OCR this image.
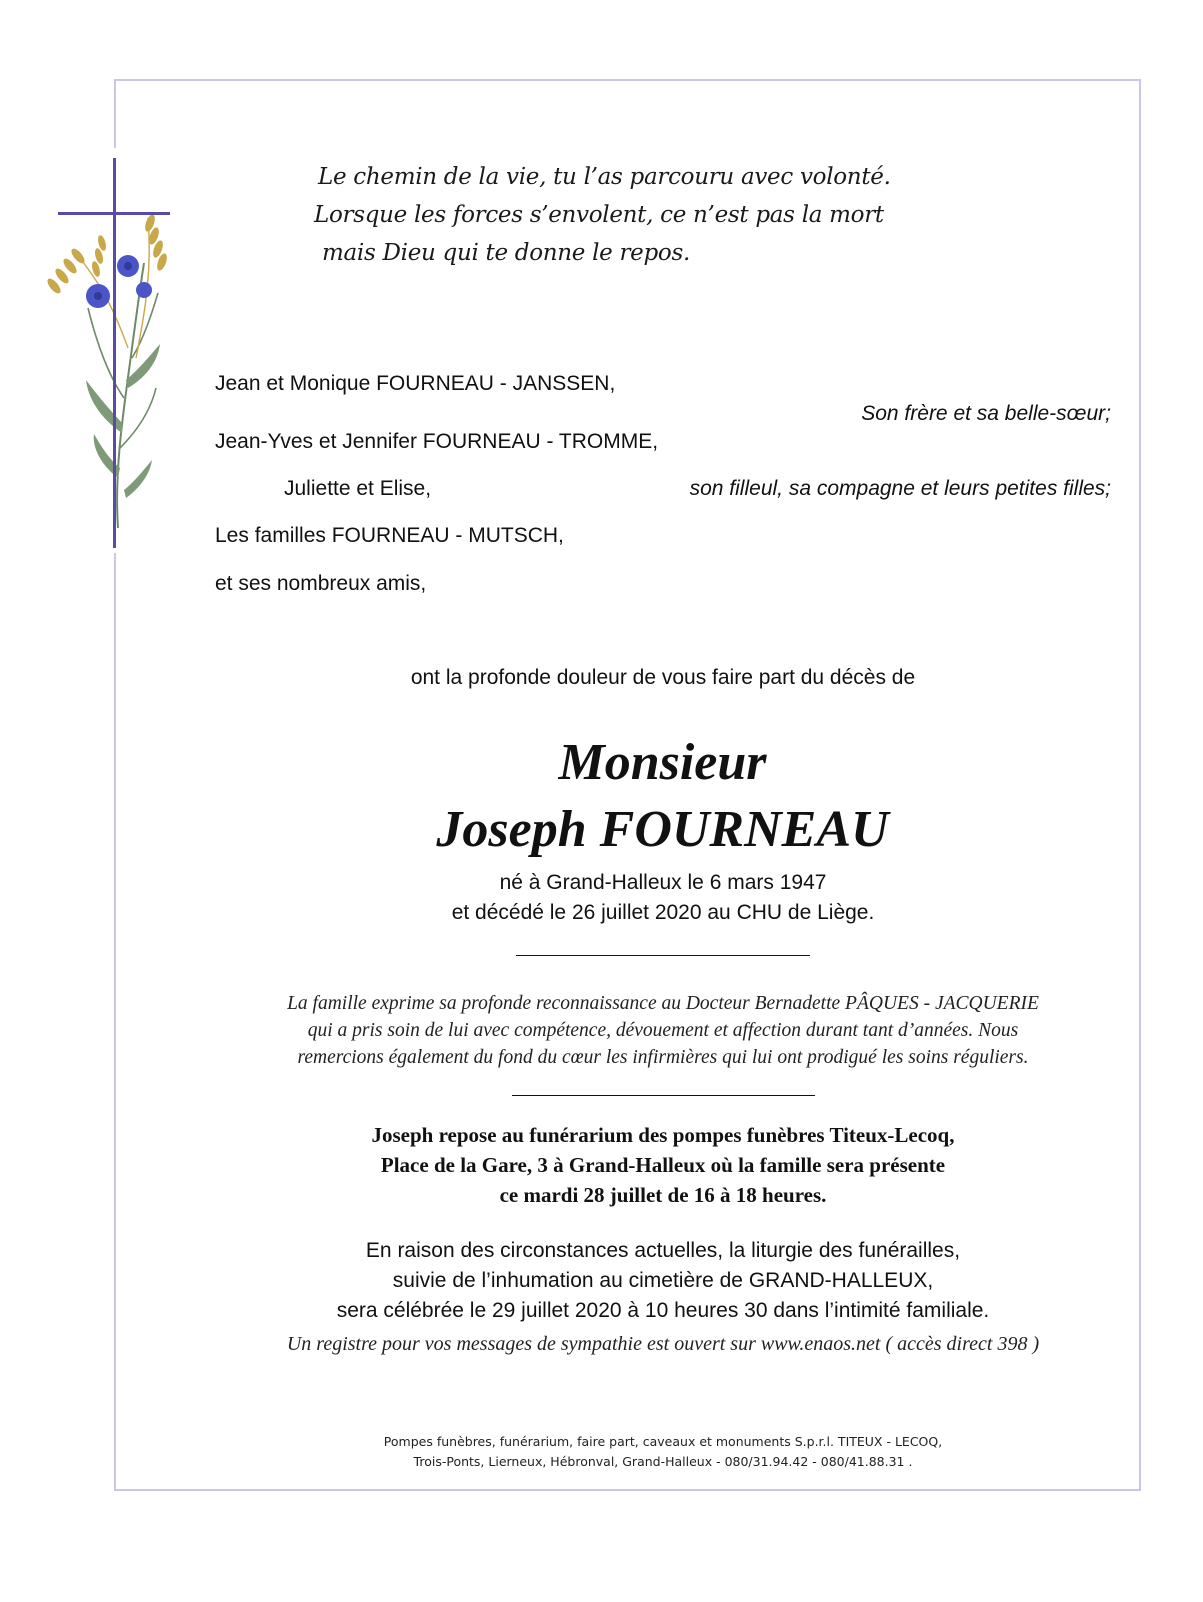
Le chemin de la vie, tu l’as parcouru avec volonté.
Lorsque les forces s’envolent, ce n’est pas la mort
mais Dieu qui te donne le repos.
Jean et Monique FOURNEAU - JANSSEN,
Son frère et sa belle-sœur;
Jean-Yves et Jennifer FOURNEAU - TROMME,
Juliette et Elise,	son filleul, sa compagne et leurs petites filles;
Les familles FOURNEAU - MUTSCH,
et ses nombreux amis,
ont la profonde douleur de vous faire part du décès de
Monsieur
Joseph FOURNEAU
né à Grand-Halleux le 6 mars 1947
et décédé le 26 juillet 2020 au CHU de Liège.
La famille exprime sa profonde reconnaissance au Docteur Bernadette PÂQUES - JACQUERIE
qui a pris soin de lui avec compétence, dévouement et affection durant tant d’années. Nous
remercions également du fond du cœur les infirmières qui lui ont prodigué les soins réguliers.
Joseph repose au funérarium des pompes funèbres Titeux-Lecoq,
Place de la Gare, 3 à Grand-Halleux où la famille sera présente
ce mardi 28 juillet de 16 à 18 heures.
En raison des circonstances actuelles, la liturgie des funérailles,
suivie de l’inhumation au cimetière de GRAND-HALLEUX,
sera célébrée le 29 juillet 2020 à 10 heures 30 dans l’intimité familiale.
Un registre pour vos messages de sympathie est ouvert sur www.enaos.net ( accès direct 398 )
Pompes funèbres, funérarium, faire part, caveaux et monuments S.p.r.l. TITEUX - LECOQ,
Trois-Ponts, Lierneux, Hébronval, Grand-Halleux - 080/31.94.42 - 080/41.88.31 .
